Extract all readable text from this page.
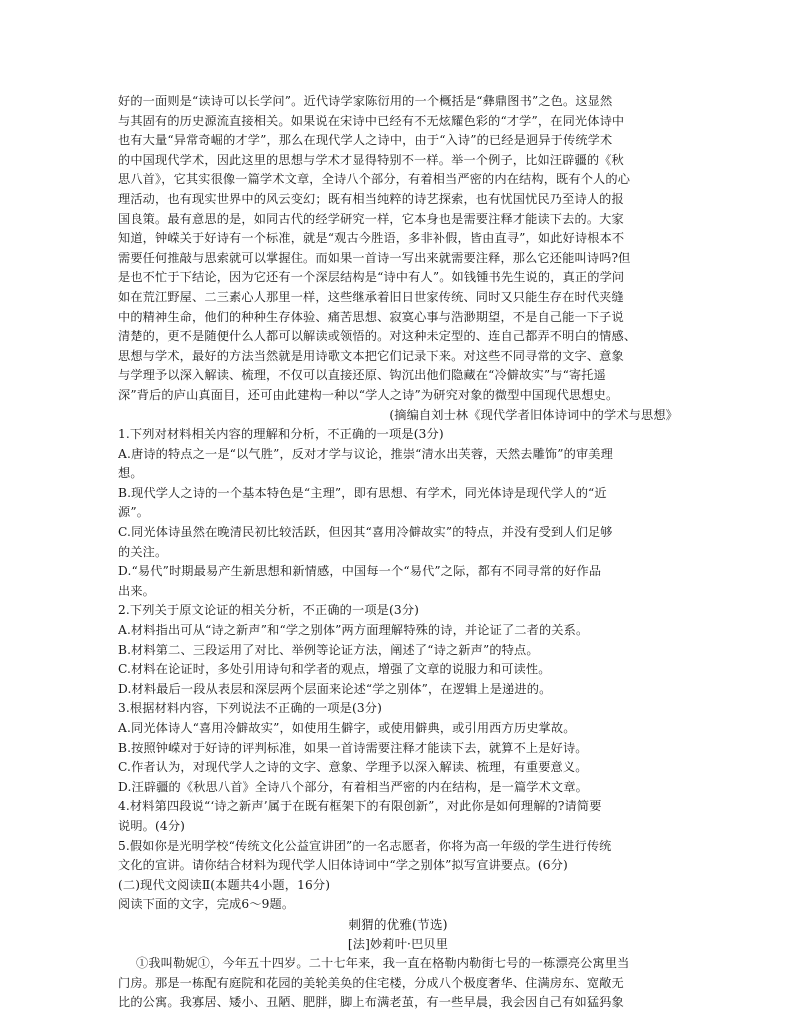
好的一面则是“读诗可以长学问”。近代诗学家陈衍用的一个概括是“彝鼎图书”之色。这显然
与其固有的历史源流直接相关。如果说在宋诗中已经有不无炫耀色彩的“才学”，在同光体诗中
也有大量“异常奇崛的才学”，那么在现代学人之诗中，由于“入诗”的已经是迥异于传统学术
的中国现代学术，因此这里的思想与学术才显得特别不一样。举一个例子，比如汪辟疆的《秋
思八首》，它其实很像一篇学术文章，全诗八个部分，有着相当严密的内在结构，既有个人的心
理活动，也有现实世界中的风云变幻；既有相当纯粹的诗艺探索，也有忧国忧民乃至诗人的报
国良策。最有意思的是，如同古代的经学研究一样，它本身也是需要注释才能读下去的。大家
知道，钟嵘关于好诗有一个标准，就是“观古今胜语，多非补假，皆由直寻”，如此好诗根本不
需要任何推敲与思索就可以掌握住。而如果一首诗一写出来就需要注释，那么它还能叫诗吗?但
是也不忙于下结论，因为它还有一个深层结构是“诗中有人”。如钱锺书先生说的，真正的学问
如在荒江野屋、二三素心人那里一样，这些继承着旧日世家传统、同时又只能生存在时代夹缝
中的精神生命，他们的种种生存体验、痛苦思想、寂寞心事与浩渺期望，不是自己能一下子说
清楚的，更不是随便什么人都可以解读或领悟的。对这种未定型的、连自己都弄不明白的情感、
思想与学术，最好的方法当然就是用诗歌文本把它们记录下来。对这些不同寻常的文字、意象
与学理予以深入解读、梳理，不仅可以直接还原、钩沉出他们隐藏在“冷僻故实”与“寄托遥
深”背后的庐山真面目，还可由此建构一种以“学人之诗”为研究对象的微型中国现代思想史。
(摘编自刘士林《现代学者旧体诗词中的学术与思想》
1.下列对材料相关内容的理解和分析，不正确的一项是(3分)
A.唐诗的特点之一是“以气胜”，反对才学与议论，推崇“清水出芙蓉，天然去雕饰”的审美理
想。
B.现代学人之诗的一个基本特色是“主理”，即有思想、有学术，同光体诗是现代学人的“近
源”。
C.同光体诗虽然在晚清民初比较活跃，但因其“喜用冷僻故实”的特点，并没有受到人们足够
的关注。
D.“易代”时期最易产生新思想和新情感，中国每一个“易代”之际，都有不同寻常的好作品
出来。
2.下列关于原文论证的相关分析，不正确的一项是(3分)
A.材料指出可从“诗之新声”和“学之别体”两方面理解特殊的诗，并论证了二者的关系。
B.材料第二、三段运用了对比、举例等论证方法，阐述了“诗之新声”的特点。
C.材料在论证时，多处引用诗句和学者的观点，增强了文章的说服力和可读性。
D.材料最后一段从表层和深层两个层面来论述“学之别体”，在逻辑上是递进的。
3.根据材料内容，下列说法不正确的一项是(3分)
A.同光体诗人“喜用冷僻故实”，如使用生僻字，或使用僻典，或引用西方历史掌故。
B.按照钟嵘对于好诗的评判标准，如果一首诗需要注释才能读下去，就算不上是好诗。
C.作者认为，对现代学人之诗的文字、意象、学理予以深入解读、梳理，有重要意义。
D.汪辟疆的《秋思八首》全诗八个部分，有着相当严密的内在结构，是一篇学术文章。
4.材料第四段说“‘诗之新声’属于在既有框架下的有限创新”，对此你是如何理解的?请简要
说明。(4分)
5.假如你是光明学校“传统文化公益宣讲团”的一名志愿者，你将为高一年级的学生进行传统
文化的宣讲。请你结合材料为现代学人旧体诗词中“学之别体”拟写宣讲要点。(6分)
(二)现代文阅读Ⅱ(本题共4小题，16分)
阅读下面的文字，完成6～9题。
刺猬的优雅(节选)
[法]妙莉叶·巴贝里
①我叫勒妮①，今年五十四岁。二十七年来，我一直在格勒内勒街七号的一栋漂亮公寓里当
门房。那是一栋配有庭院和花园的美轮美奂的住宅楼，分成八个极度奢华、住满房东、宽敞无
比的公寓。我寡居、矮小、丑陋、肥胖，脚上布满老茧，有一些早晨，我会因自己有如猛犸象
